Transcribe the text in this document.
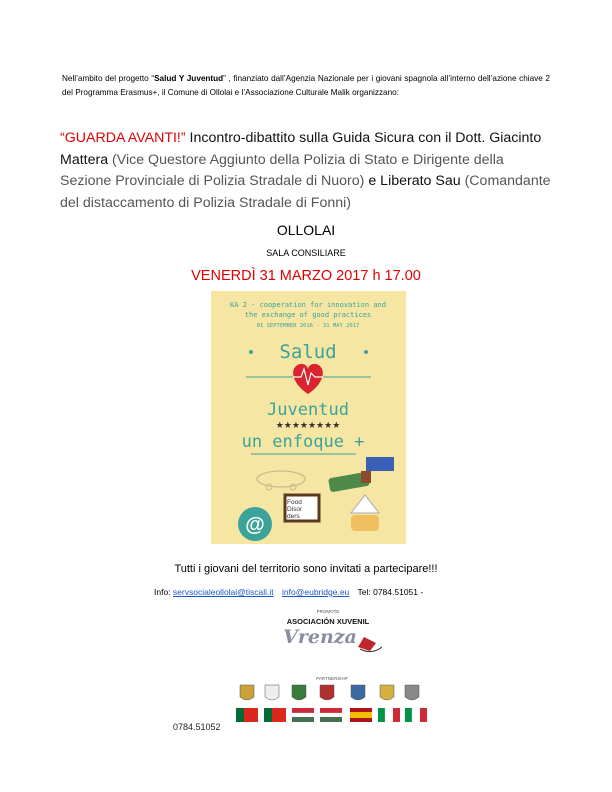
Nell’ambito del progetto “Salud Y Juventud” , finanziato dall’Agenzia Nazionale per i giovani spagnola all’interno dell’azione chiave 2 del Programma Erasmus+, il Comune di Ollolai e l’Associazione Culturale Malik organizzano:

“GUARDA AVANTI!” Incontro-dibattito sulla Guida Sicura con il Dott. Giacinto Mattera (Vice Questore Aggiunto della Polizia di Stato e Dirigente della Sezione Provinciale di Polizia Stradale di Nuoro) e Liberato Sau (Comandante del distaccamento di Polizia Stradale di Fonni)

OLLOLAI
SALA CONSILIARE
VENERDÌ 31 MARZO 2017 h 17.00
KA 2 - cooperation for innovation and
the exchange of good practices
01 SEPTEMBER 2016 - 31 MAY 2017
Salud
Juventud
★★★★★★★★
un enfoque +
Food
Disor
ders
@
Tutti i giovani del territorio sono invitati a partecipare!!!
Info: servsocialeollolai@tiscali.it info@eubridge.eu Tel: 0784.51051 -
PROMOTE
ASOCIACIÓN XUVENIL
Vrenza
PARTNERSHIP
0784.51052
